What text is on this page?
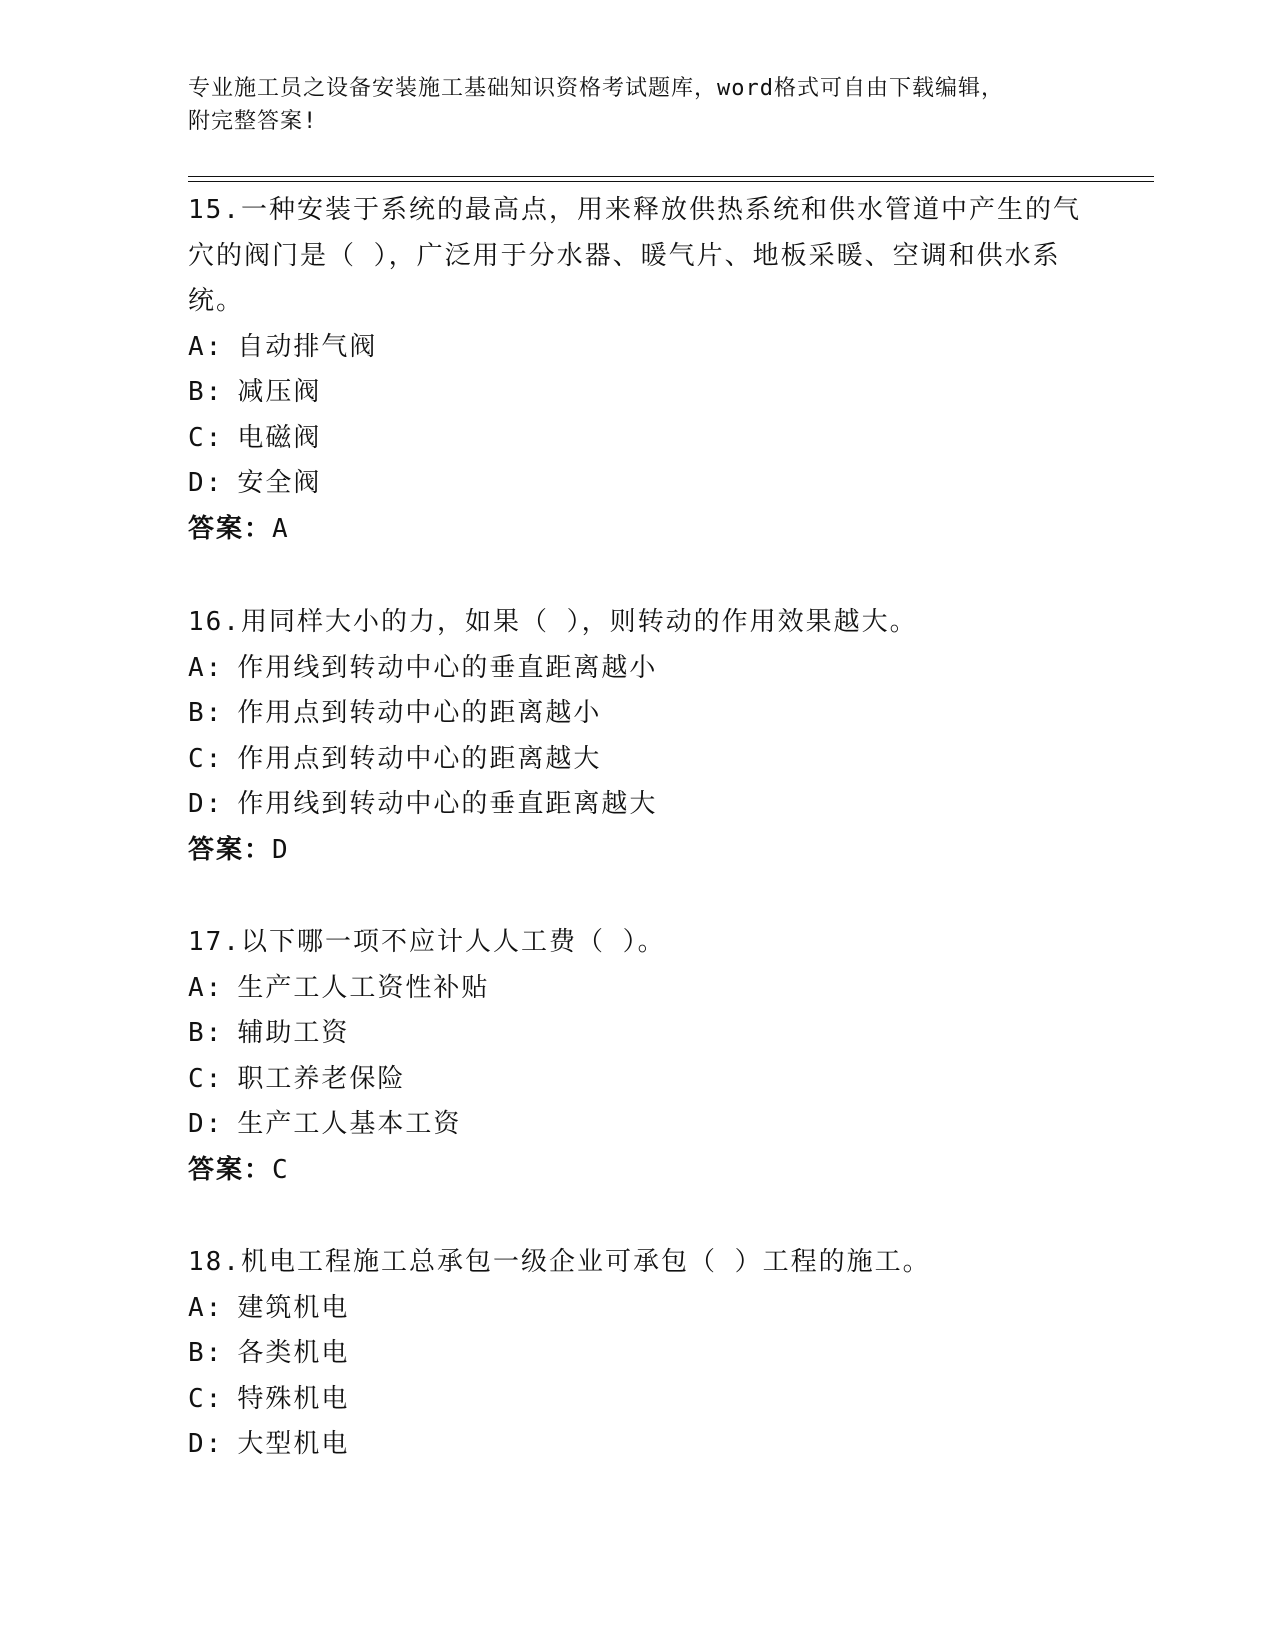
专业施工员之设备安装施工基础知识资格考试题库，word格式可自由下载编辑，
附完整答案!

15.一种安装于系统的最高点，用来释放供热系统和供水管道中产生的气穴的阀门是（ ），广泛用于分水器、暖气片、地板采暖、空调和供水系统。

A: 自动排气阀

B: 减压阀

C: 电磁阀

D: 安全阀

答案：A

16.用同样大小的力，如果（ ），则转动的作用效果越大。

A: 作用线到转动中心的垂直距离越小

B: 作用点到转动中心的距离越小

C: 作用点到转动中心的距离越大

D: 作用线到转动中心的垂直距离越大

答案：D

17.以下哪一项不应计人人工费（ ）。

A: 生产工人工资性补贴

B: 辅助工资

C: 职工养老保险

D: 生产工人基本工资

答案：C

18.机电工程施工总承包一级企业可承包（ ）工程的施工。

A: 建筑机电

B: 各类机电

C: 特殊机电

D: 大型机电
